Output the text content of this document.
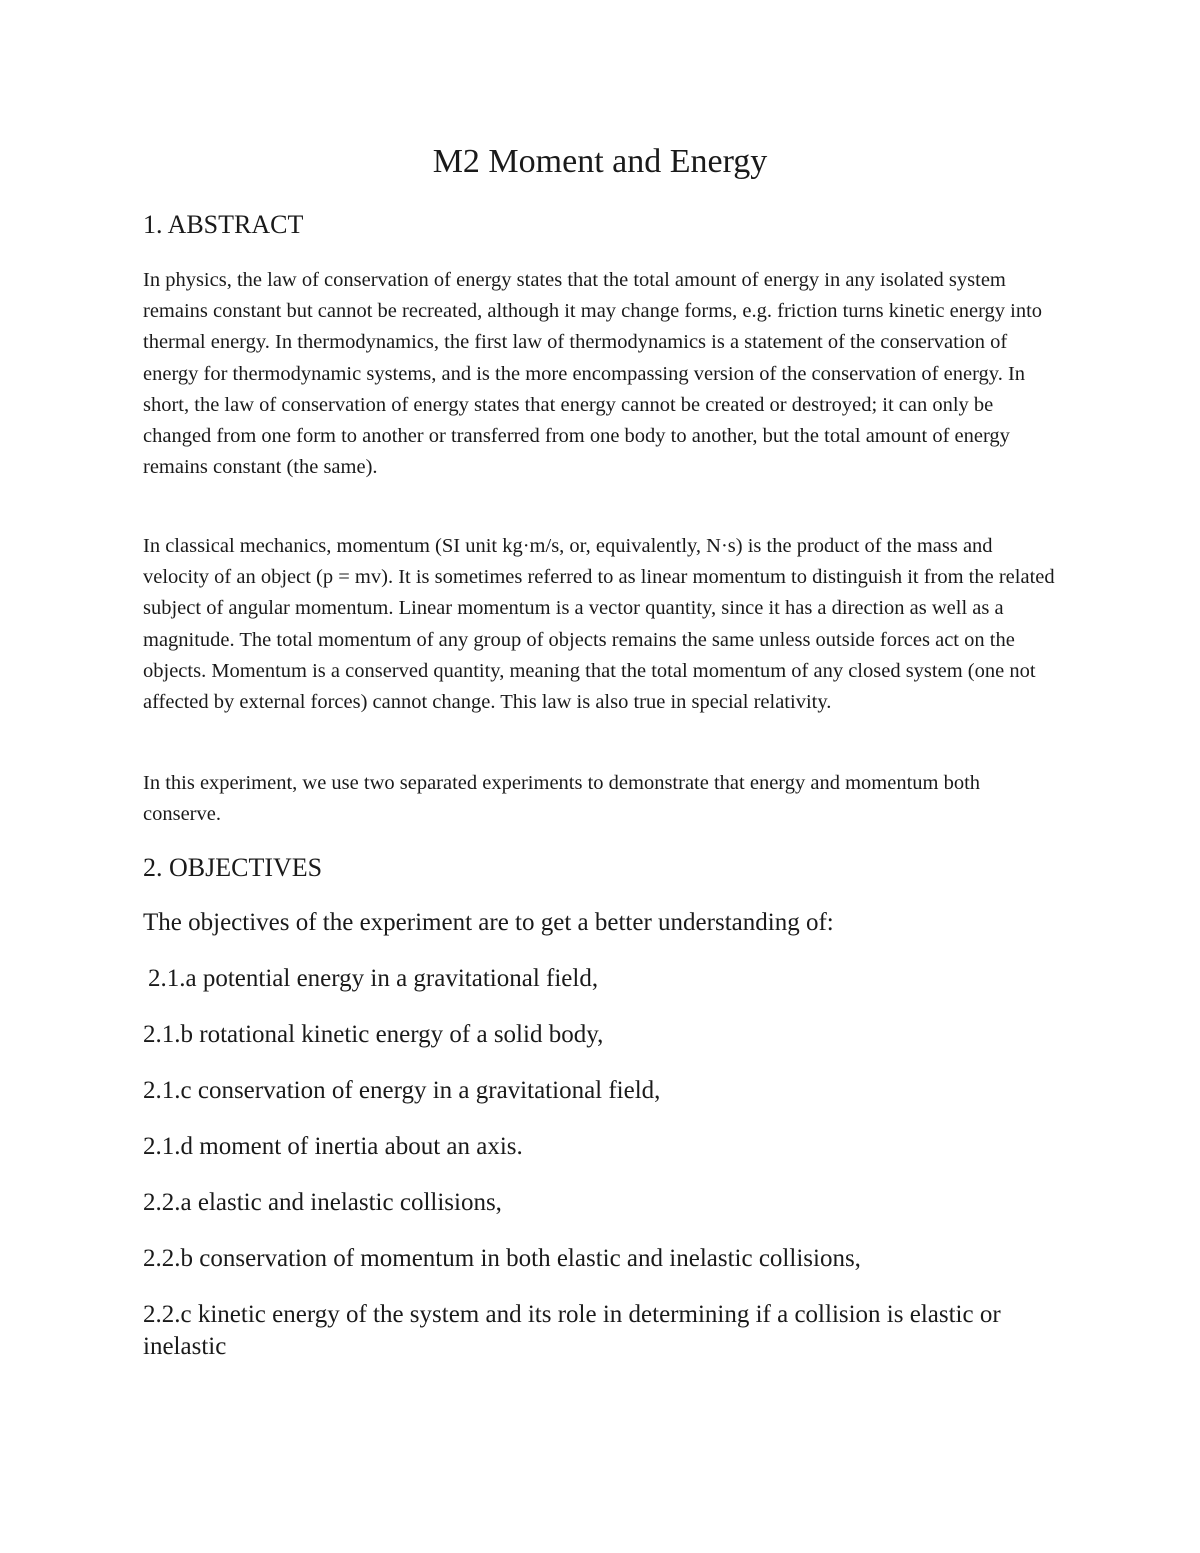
M2 Moment and Energy
1. ABSTRACT

In physics, the law of conservation of energy states that the total amount of energy in any isolated system remains constant but cannot be recreated, although it may change forms, e.g. friction turns kinetic energy into thermal energy. In thermodynamics, the first law of thermodynamics is a statement of the conservation of energy for thermodynamic systems, and is the more encompassing version of the conservation of energy. In short, the law of conservation of energy states that energy cannot be created or destroyed; it can only be changed from one form to another or transferred from one body to another, but the total amount of energy remains constant (the same).

In classical mechanics, momentum (SI unit kg·m/s, or, equivalently, N·s) is the product of the mass and velocity of an object (p = mv). It is sometimes referred to as linear momentum to distinguish it from the related subject of angular momentum. Linear momentum is a vector quantity, since it has a direction as well as a magnitude. The total momentum of any group of objects remains the same unless outside forces act on the objects. Momentum is a conserved quantity, meaning that the total momentum of any closed system (one not affected by external forces) cannot change. This law is also true in special relativity.

In this experiment, we use two separated experiments to demonstrate that energy and momentum both conserve.

2. OBJECTIVES

The objectives of the experiment are to get a better understanding of:

2.1.a potential energy in a gravitational field,
2.1.b rotational kinetic energy of a solid body,
2.1.c conservation of energy in a gravitational field,
2.1.d moment of inertia about an axis.
2.2.a elastic and inelastic collisions,
2.2.b conservation of momentum in both elastic and inelastic collisions,
2.2.c kinetic energy of the system and its role in determining if a collision is elastic or inelastic
